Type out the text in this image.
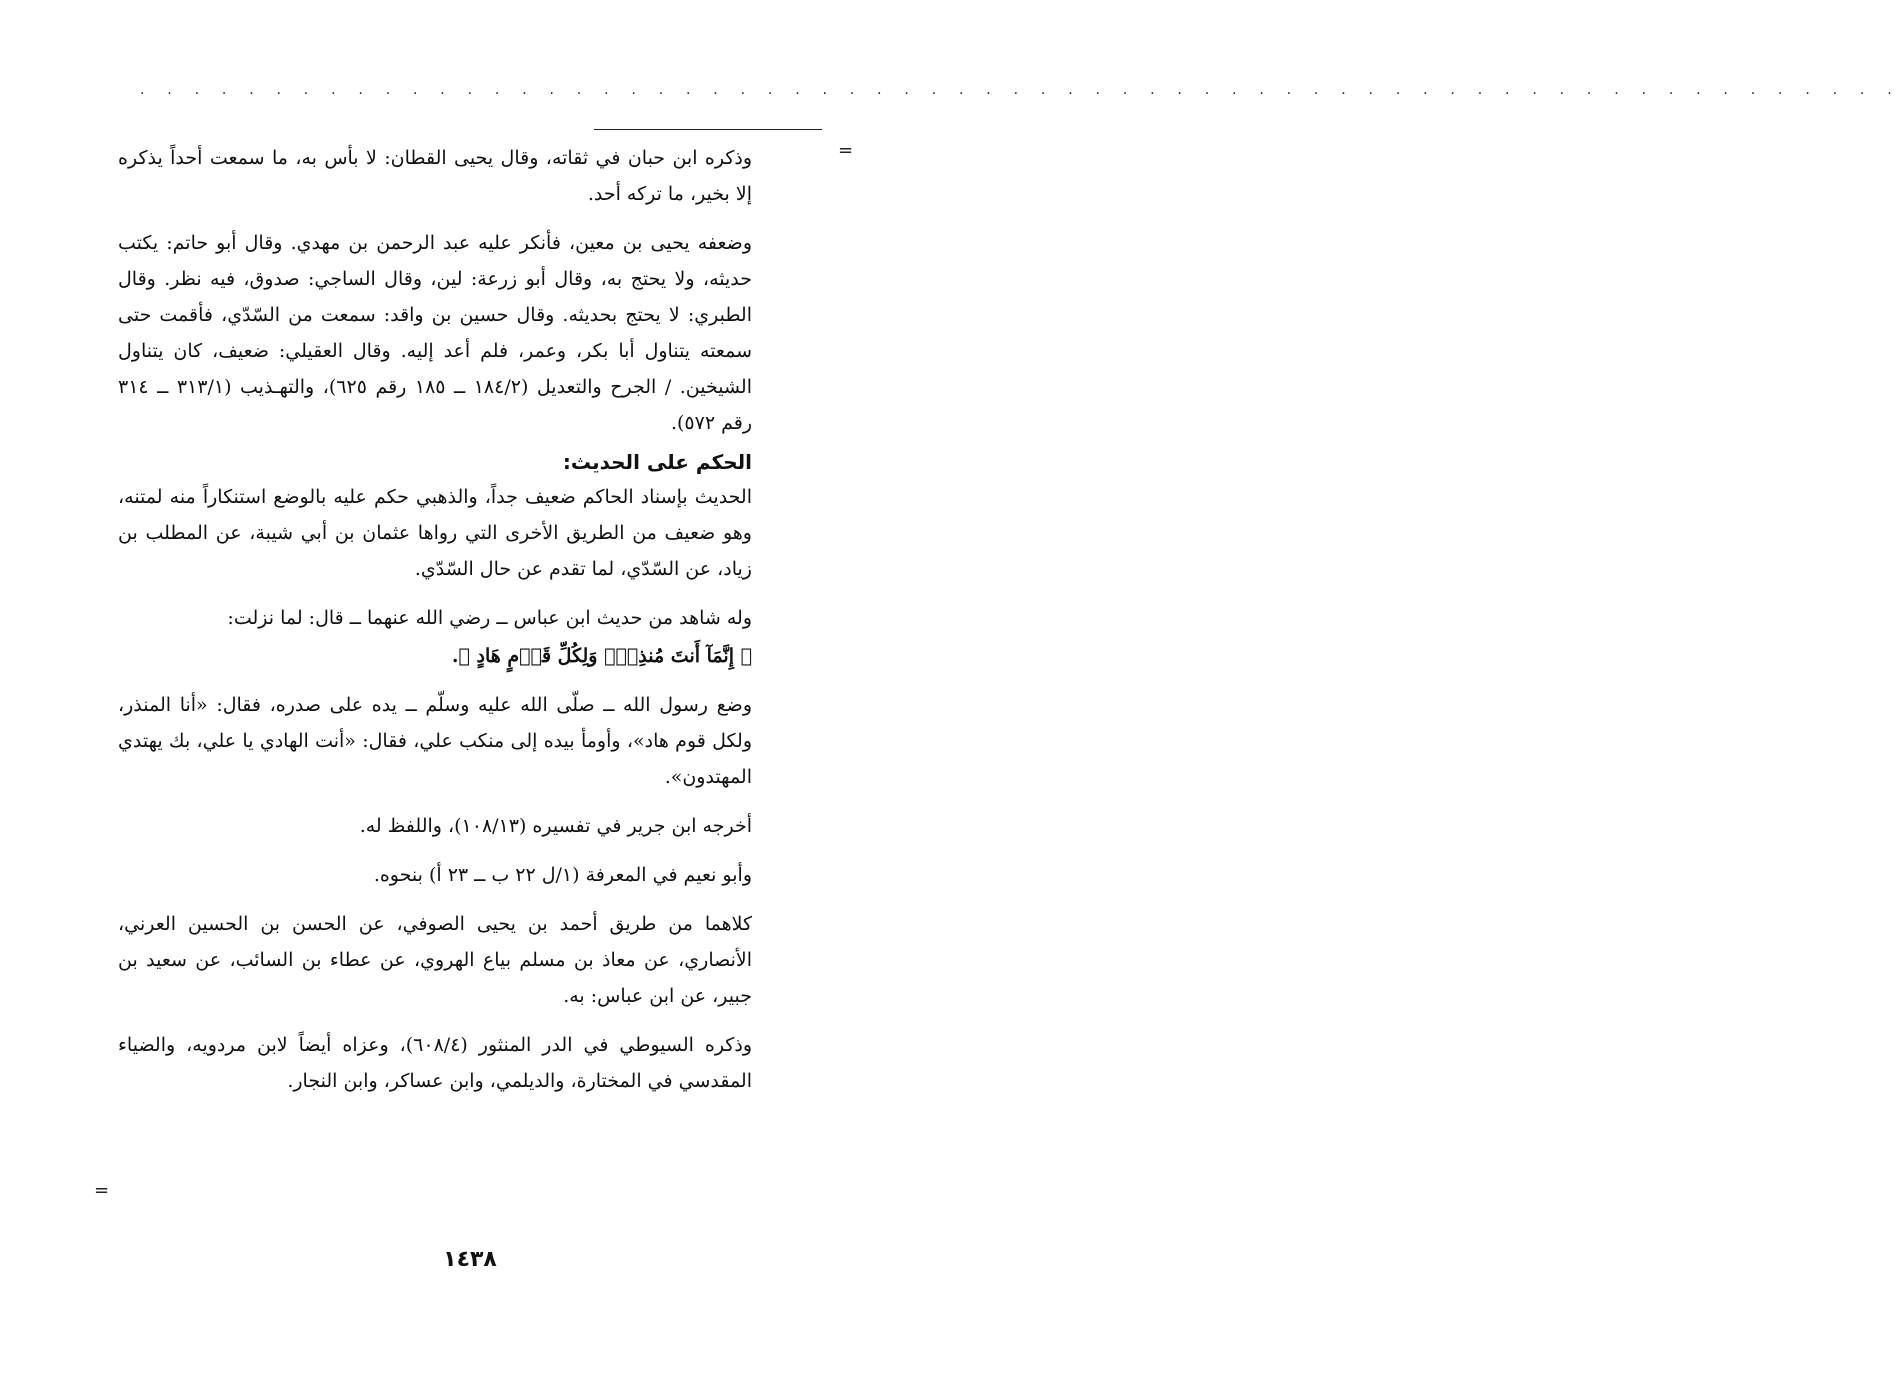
. . . . . . . . . . . . . . . . . . . . . . . . . . . . . . . . . . . . . . . . . . . . . . . . . . . . . . . . . . . . . . . . .
=
=

وذكره ابن حبان في ثقاته، وقال يحيى القطان: لا بأس به، ما سمعت أحداً يذكره إلا بخير، ما تركه أحد.

وضعفه يحيى بن معين، فأنكر عليه عبد الرحمن بن مهدي. وقال أبو حاتم: يكتب حديثه، ولا يحتج به، وقال أبو زرعة: لين، وقال الساجي: صدوق، فيه نظر. وقال الطبري: لا يحتج بحديثه. وقال حسين بن واقد: سمعت من السّدّي، فأقمت حتى سمعته يتناول أبا بكر، وعمر، فلم أعد إليه. وقال العقيلي: ضعيف، كان يتناول الشيخين. / الجرح والتعديل (١٨٤/٢ ــ ١٨٥ رقم ٦٢٥)، والتهـذيب (٣١٣/١ ــ ٣١٤ رقم ٥٧٢).

الحكم على الحديث:

الحديث بإسناد الحاكم ضعيف جداً، والذهبي حكم عليه بالوضع استنكاراً منه لمتنه، وهو ضعيف من الطريق الأخرى التي رواها عثمان بن أبي شيبة، عن المطلب بن زياد، عن السّدّي، لما تقدم عن حال السّدّي.

وله شاهد من حديث ابن عباس ــ رضي الله عنهما ــ قال: لما نزلت:

﴿ إِنَّمَآ أَنتَ مُنذِرٌۖ وَلِكُلِّ قَوۡمٍ هَادٍ ﴾.

وضع رسول الله ــ صلّى الله عليه وسلّم ــ يده على صدره، فقال: «أنا المنذر، ولكل قوم هاد»، وأومأ بيده إلى منكب علي، فقال: «أنت الهادي يا علي، بك يهتدي المهتدون».

أخرجه ابن جرير في تفسيره (١٠٨/١٣)، واللفظ له.

وأبو نعيم في المعرفة (١/ل ٢٢ ب ــ ٢٣ أ) بنحوه.

كلاهما من طريق أحمد بن يحيى الصوفي، عن الحسن بن الحسين العرني، الأنصاري، عن معاذ بن مسلم بياع الهروي، عن عطاء بن السائب، عن سعيد بن جبير، عن ابن عباس: به.

وذكره السيوطي في الدر المنثور (٦٠٨/٤)، وعزاه أيضاً لابن مردويه، والضياء المقدسي في المختارة، والديلمي، وابن عساكر، وابن النجار.

١٤٣٨
